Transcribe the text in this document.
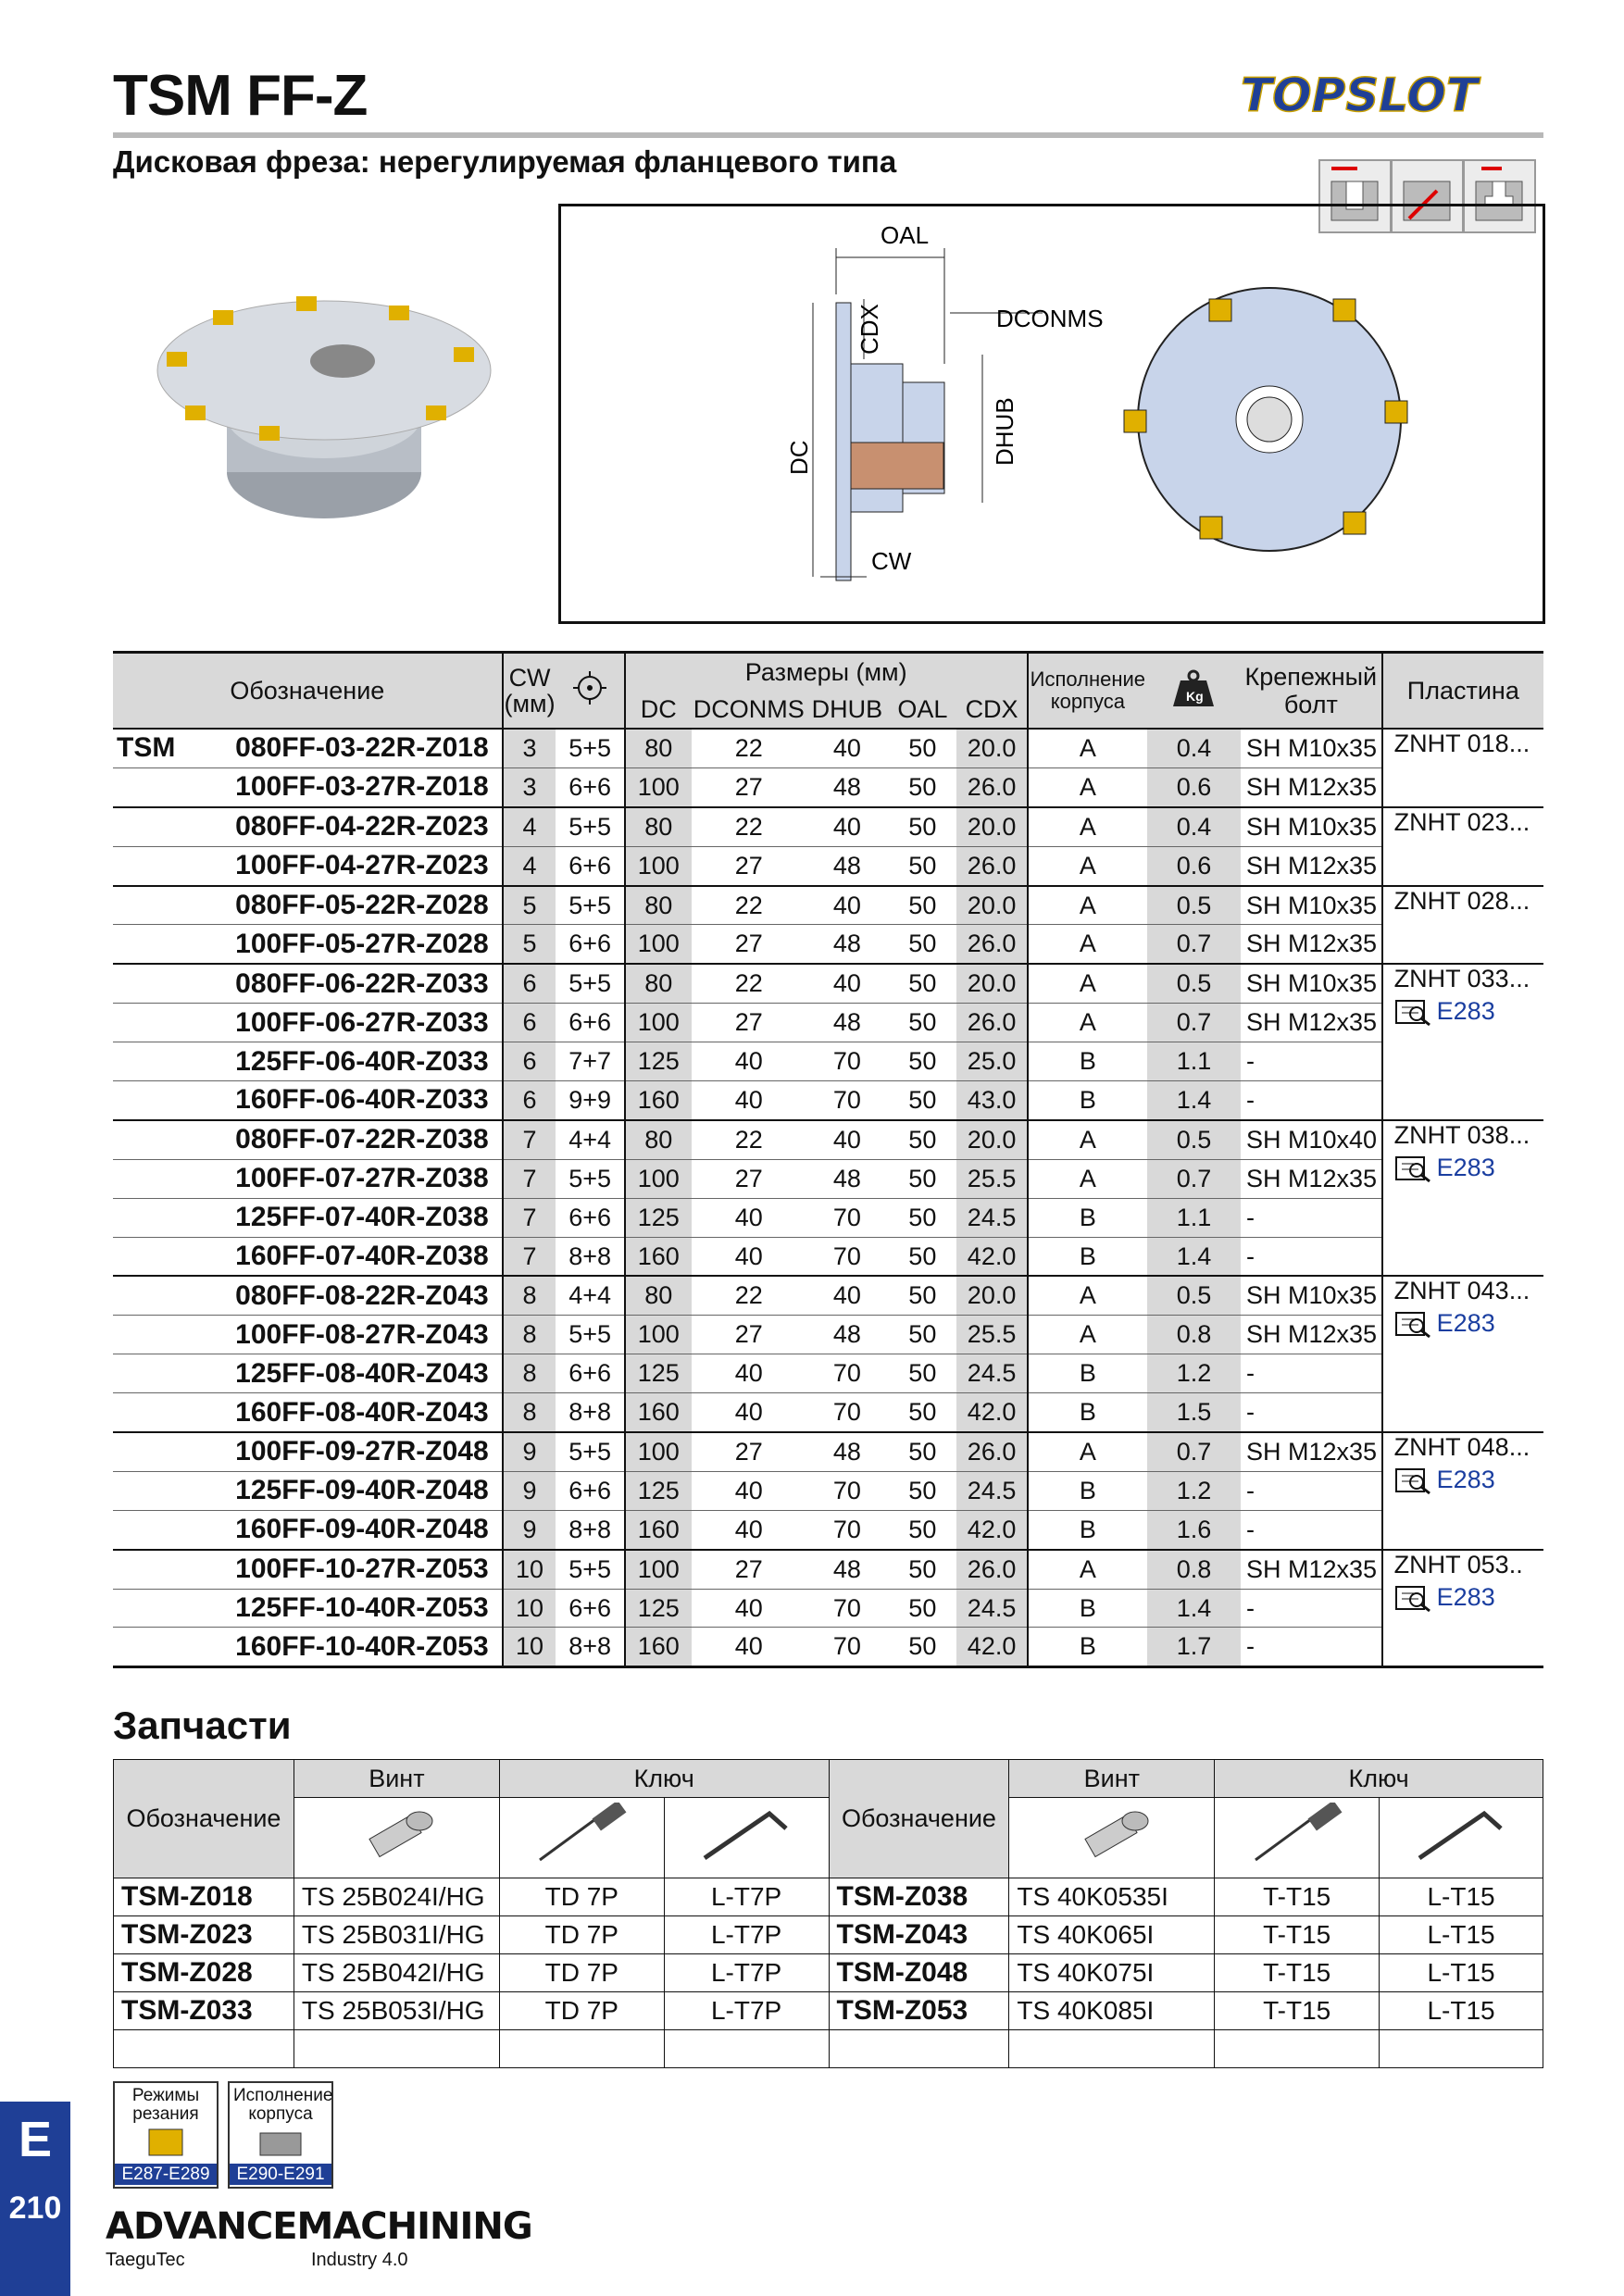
TSM FF-Z
Дисковая фреза: нерегулируемая фланцевого типа
TOPSLOT
OAL
CDX	DCONMS
DHUB
DC
CW
Обозначение	CW
(мм)		Размеры (мм)					Исполнение корпуса	Kg	Крепежный болт	Пластина
			DC	DCONMS	DHUB	OAL	CDX				

TSM 080FF-03-22R-Z018	3	5+5	80	22	40	50	20.0	A	0.4	SH M10x35	ZNHT 018...
100FF-03-27R-Z018	3	6+6	100	27	48	50	26.0	A	0.6	SH M12x35	
080FF-04-22R-Z023	4	5+5	80	22	40	50	20.0	A	0.4	SH M10x35	ZNHT 023...
100FF-04-27R-Z023	4	6+6	100	27	48	50	26.0	A	0.6	SH M12x35	
080FF-05-22R-Z028	5	5+5	80	22	40	50	20.0	A	0.5	SH M10x35	ZNHT 028...
100FF-05-27R-Z028	5	6+6	100	27	48	50	26.0	A	0.7	SH M12x35	
080FF-06-22R-Z033	6	5+5	80	22	40	50	20.0	A	0.5	SH M10x35	ZNHT 033...
E283

100FF-06-27R-Z033	6	6+6	100	27	48	50	26.0	A	0.7	SH M12x35	
125FF-06-40R-Z033	6	7+7	125	40	70	50	25.0	B	1.1	-	
160FF-06-40R-Z033	6	9+9	160	40	70	50	43.0	B	1.4	-	
080FF-07-22R-Z038	7	4+4	80	22	40	50	20.0	A	0.5	SH M10x40	ZNHT 038...
E283

100FF-07-27R-Z038	7	5+5	100	27	48	50	25.5	A	0.7	SH M12x35	
125FF-07-40R-Z038	7	6+6	125	40	70	50	24.5	B	1.1	-	
160FF-07-40R-Z038	7	8+8	160	40	70	50	42.0	B	1.4	-	
080FF-08-22R-Z043	8	4+4	80	22	40	50	20.0	A	0.5	SH M10x35	ZNHT 043...
E283

100FF-08-27R-Z043	8	5+5	100	27	48	50	25.5	A	0.8	SH M12x35	
125FF-08-40R-Z043	8	6+6	125	40	70	50	24.5	B	1.2	-	
160FF-08-40R-Z043	8	8+8	160	40	70	50	42.0	B	1.5	-	
100FF-09-27R-Z048	9	5+5	100	27	48	50	26.0	A	0.7	SH M12x35	ZNHT 048...
E283

125FF-09-40R-Z048	9	6+6	125	40	70	50	24.5	B	1.2	-	
160FF-09-40R-Z048	9	8+8	160	40	70	50	42.0	B	1.6	-	
100FF-10-27R-Z053	10	5+5	100	27	48	50	26.0	A	0.8	SH M12x35	ZNHT 053..
E283

125FF-10-40R-Z053	10	6+6	125	40	70	50	24.5	B	1.4	-	
160FF-10-40R-Z053	10	8+8	160	40	70	50	42.0	B	1.7	-	
Запчасти
Обозначение	Винт	Ключ		Обозначение	Винт	Ключ	

TSM-Z018	TS 25B024I/HG	TD 7P	L-T7P	TSM-Z038	TS 40K0535I	T-T15	L-T15
TSM-Z023	TS 25B031I/HG	TD 7P	L-T7P	TSM-Z043	TS 40K065I	T-T15	L-T15
TSM-Z028	TS 25B042I/HG	TD 7P	L-T7P	TSM-Z048	TS 40K075I	T-T15	L-T15
TSM-Z033	TS 25B053I/HG	TD 7P	L-T7P	TSM-Z053	TS 40K085I	T-T15	L-T15

Режимы резания
E287-E289
Исполнение корпуса
E290-E291
E
210 ADVANCEMACHINING
TaeguTec	Industry 4.0
